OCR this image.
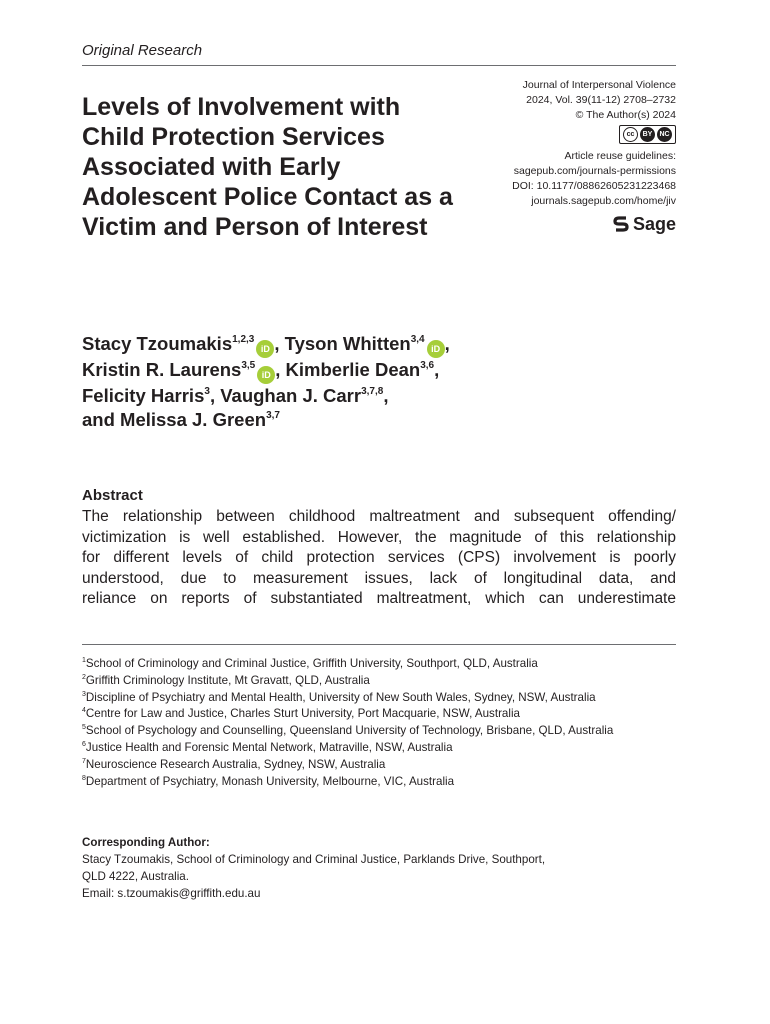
Original Research
Levels of Involvement with Child Protection Services Associated with Early Adolescent Police Contact as a Victim and Person of Interest
Journal of Interpersonal Violence
2024, Vol. 39(11-12) 2708–2732
© The Author(s) 2024
cc	BY	NC
Article reuse guidelines:
sagepub.com/journals-permissions
DOI: 10.1177/08862605231223468
journals.sagepub.com/home/jiv
Sage

Stacy Tzoumakis$^{1,2,3}$iD , Tyson Whitten$^{3,4}$iD ,
Kristin R. Laurens$^{3,5}$iD , Kimberlie Dean$^{3,6}$,
Felicity Harris$^3$, Vaughan J. Carr$^{3,7,8}$,
and Melissa J. Green$^{3,7}$

Abstract

The relationship between childhood maltreatment and subsequent offending/
victimization is well established. However, the magnitude of this relationship
for different levels of child protection services (CPS) involvement is poorly
understood, due to measurement issues, lack of longitudinal data, and
reliance on reports of substantiated maltreatment, which can underestimate

$^1$School of Criminology and Criminal Justice, Griffith University, Southport, QLD, Australia
$^2$Griffith Criminology Institute, Mt Gravatt, QLD, Australia
$^3$Discipline of Psychiatry and Mental Health, University of New South Wales, Sydney, NSW, Australia
$^4$Centre for Law and Justice, Charles Sturt University, Port Macquarie, NSW, Australia
$^5$School of Psychology and Counselling, Queensland University of Technology, Brisbane, QLD, Australia
$^6$Justice Health and Forensic Mental Network, Matraville, NSW, Australia
$^7$Neuroscience Research Australia, Sydney, NSW, Australia
$^8$Department of Psychiatry, Monash University, Melbourne, VIC, Australia
Corresponding Author:
Stacy Tzoumakis, School of Criminology and Criminal Justice, Parklands Drive, Southport,
QLD 4222, Australia.
Email: s.tzoumakis@griffith.edu.au
